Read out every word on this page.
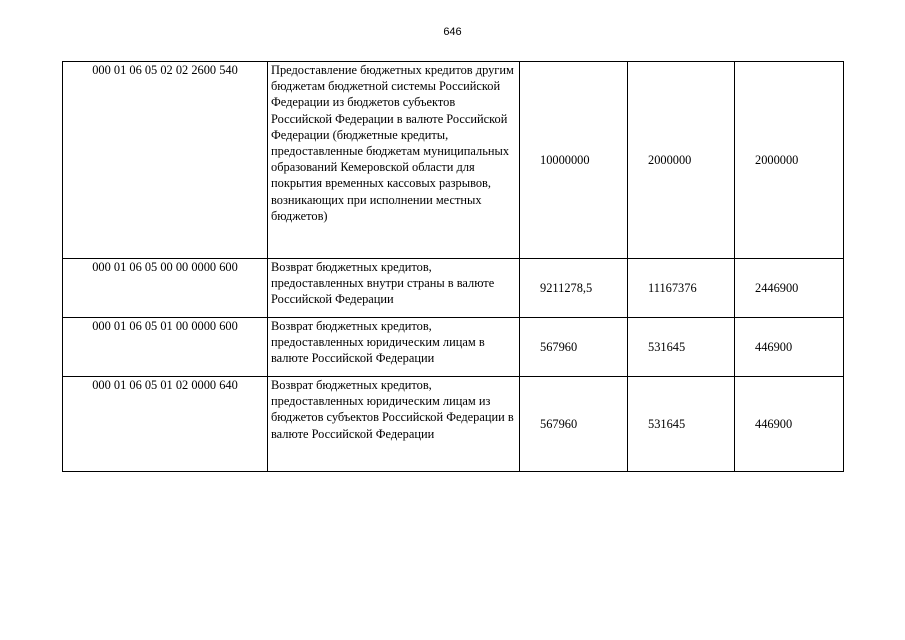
646
000 01 06 05 02 02 2600 540	Предоставление бюджетных кредитов другим бюджетам бюджетной системы Российской Федерации из бюджетов субъектов Российской Федерации в валюте Российской Федерации (бюджетные кредиты, предоставленные бюджетам муниципальных образований Кемеровской области для покрытия временных кассовых разрывов, возникающих при исполнении местных бюджетов)	10000000	2000000	2000000
000 01 06 05 00 00 0000 600	Возврат бюджетных кредитов, предоставленных внутри страны в валюте Российской Федерации	9211278,5	11167376	2446900
000 01 06 05 01 00 0000 600	Возврат бюджетных кредитов, предоставленных юридическим лицам в валюте Российской Федерации	567960	531645	446900
000 01 06 05 01 02 0000 640	Возврат бюджетных кредитов, предоставленных юридическим лицам из бюджетов субъектов Российской Федерации в валюте Российской Федерации	567960	531645	446900
